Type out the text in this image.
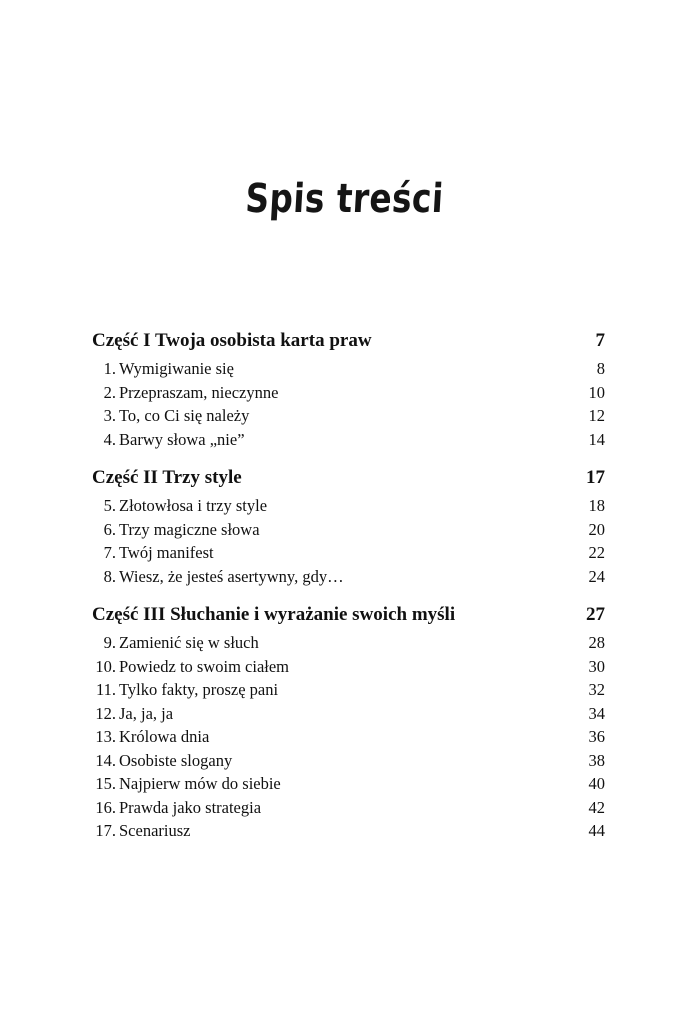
Spis treści
Część I Twoja osobista karta praw	7
1. Wymigiwanie się	8
2. Przepraszam, nieczynne	10
3. To, co Ci się należy	12
4. Barwy słowa „nie”	14
Część II Trzy style	17
5. Złotowłosa i trzy style	18
6. Trzy magiczne słowa	20
7. Twój manifest	22
8. Wiesz, że jesteś asertywny, gdy…	24
Część III Słuchanie i wyrażanie swoich myśli	27
9. Zamienić się w słuch	28
10. Powiedz to swoim ciałem	30
11. Tylko fakty, proszę pani	32
12. Ja, ja, ja	34
13. Królowa dnia	36
14. Osobiste slogany	38
15. Najpierw mów do siebie	40
16. Prawda jako strategia	42
17. Scenariusz	44
